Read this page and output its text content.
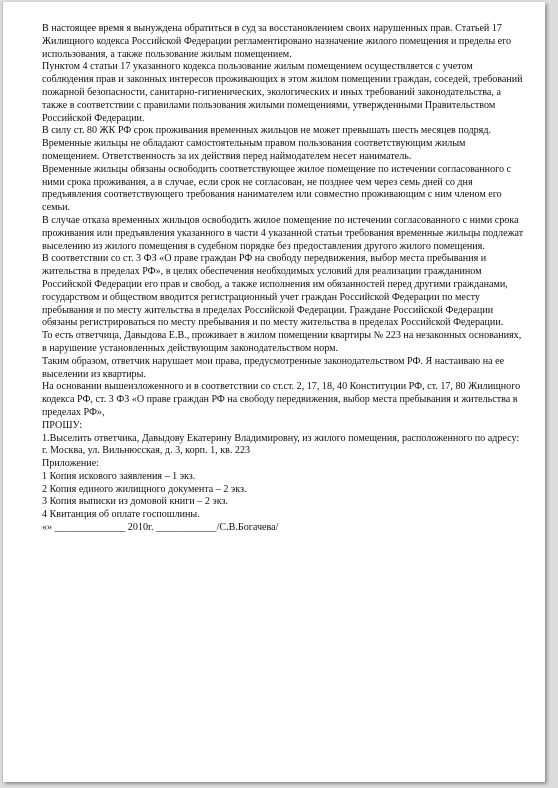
В настоящее время я вынуждена обратиться в суд за восстановлением своих нарушенных прав. Статьей 17 Жилищного кодекса Российской Федерации регламентировано назначение жилого помещения и пределы его использования, а также пользование жилым помещением.

Пунктом 4 статьи 17 указанного кодекса пользование жилым помещением осуществляется с учетом соблюдения прав и законных интересов проживающих в этом жилом помещении граждан, соседей, требований пожарной безопасности, санитарно-гигиенических, экологических и иных требований законодательства, а также в соответствии с правилами пользования жилыми помещениями, утвержденными Правительством Российской Федерации.

В силу ст. 80 ЖК РФ срок проживания временных жильцов не может превышать шесть месяцев подряд.

Временные жильцы не обладают самостоятельным правом пользования соответствующим жилым помещением. Ответственность за их действия перед наймодателем несет наниматель.

Временные жильцы обязаны освободить соответствующее жилое помещение по истечении согласованного с ними срока проживания, а в случае, если срок не согласован, не позднее чем через семь дней со дня предъявления соответствующего требования нанимателем или совместно проживающим с ним членом его семьи.

В случае отказа временных жильцов освободить жилое помещение по истечении согласованного с ними срока проживания или предъявления указанного в части 4 указанной статьи требования временные жильцы подлежат выселению из жилого помещения в судебном порядке без предоставления другого жилого помещения.

В соответствии со ст. 3 ФЗ «О праве граждан РФ на свободу передвижения, выбор места пребывания и жительства в пределах РФ», в целях обеспечения необходимых условий для реализации гражданином Российской Федерации его прав и свобод, а также исполнения им обязанностей перед другими гражданами, государством и обществом вводится регистрационный учет граждан Российской Федерации по месту пребывания и по месту жительства в пределах Российской Федерации. Граждане Российской Федерации обязаны регистрироваться по месту пребывания и по месту жительства в пределах Российской Федерации.

То есть ответчица, Давыдова Е.В., проживает в жилом помещении квартиры № 223 на незаконных основаниях, в нарушение установленных действующим законодательством норм.

Таким образом, ответчик нарушает мои права, предусмотренные законодательством РФ. Я настаиваю на ее выселении из квартиры.

На основании вышеизложенного и в соответствии со ст.ст. 2, 17, 18, 40 Конституции РФ, ст. 17, 80 Жилищного кодекса РФ, ст. 3 ФЗ «О праве граждан РФ на свободу передвижения, выбор места пребывания и жительства в пределах РФ»,

ПРОШУ:

1.Выселить ответчика, Давыдову Екатерину Владимировну, из жилого помещения, расположенного по адресу: г. Москва, ул. Вильнюсская, д. 3, корп. 1, кв. 223

Приложение:

1 Копия искового заявления – 1 экз.

2 Копия единого жилищного документа – 2 экз.

3 Копия выписки из домовой книги – 2 экз.

4 Квитанция об оплате госпошлины.

«» ______________ 2010г. ____________/С.В.Богачева/
